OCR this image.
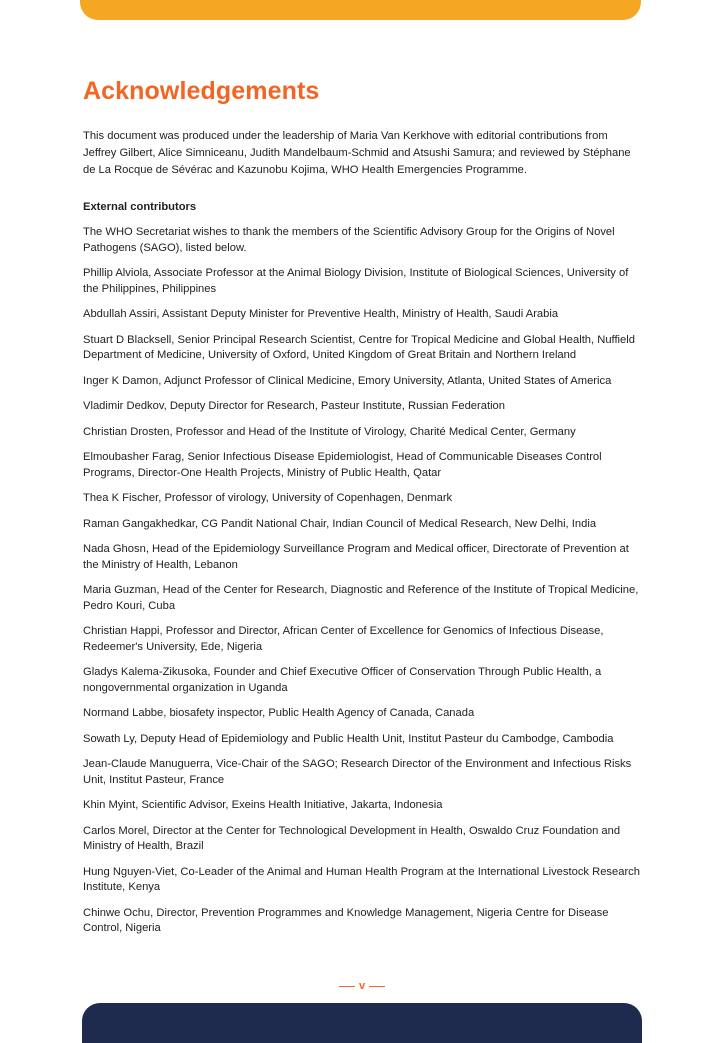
Acknowledgements

This document was produced under the leadership of Maria Van Kerkhove with editorial contributions from Jeffrey Gilbert, Alice Simniceanu, Judith Mandelbaum-Schmid and Atsushi Samura; and reviewed by Stéphane de La Rocque de Sévérac and Kazunobu Kojima, WHO Health Emergencies Programme.

External contributors

The WHO Secretariat wishes to thank the members of the Scientific Advisory Group for the Origins of Novel Pathogens (SAGO), listed below.

Phillip Alviola, Associate Professor at the Animal Biology Division, Institute of Biological Sciences, University of the Philippines, Philippines
Abdullah Assiri, Assistant Deputy Minister for Preventive Health, Ministry of Health, Saudi Arabia
Stuart D Blacksell, Senior Principal Research Scientist, Centre for Tropical Medicine and Global Health, Nuffield Department of Medicine, University of Oxford, United Kingdom of Great Britain and Northern Ireland
Inger K Damon, Adjunct Professor of Clinical Medicine, Emory University, Atlanta, United States of America
Vladimir Dedkov, Deputy Director for Research, Pasteur Institute, Russian Federation
Christian Drosten, Professor and Head of the Institute of Virology, Charité Medical Center, Germany
Elmoubasher Farag, Senior Infectious Disease Epidemiologist, Head of Communicable Diseases Control Programs, Director-One Health Projects, Ministry of Public Health, Qatar
Thea K Fischer, Professor of virology, University of Copenhagen, Denmark
Raman Gangakhedkar, CG Pandit National Chair, Indian Council of Medical Research, New Delhi, India
Nada Ghosn, Head of the Epidemiology Surveillance Program and Medical officer, Directorate of Prevention at the Ministry of Health, Lebanon
Maria Guzman, Head of the Center for Research, Diagnostic and Reference of the Institute of Tropical Medicine, Pedro Kouri, Cuba
Christian Happi, Professor and Director, African Center of Excellence for Genomics of Infectious Disease, Redeemer's University, Ede, Nigeria
Gladys Kalema-Zikusoka, Founder and Chief Executive Officer of Conservation Through Public Health, a nongovernmental organization in Uganda
Normand Labbe, biosafety inspector, Public Health Agency of Canada, Canada
Sowath Ly, Deputy Head of Epidemiology and Public Health Unit, Institut Pasteur du Cambodge, Cambodia
Jean-Claude Manuguerra, Vice-Chair of the SAGO; Research Director of the Environment and Infectious Risks Unit, Institut Pasteur, France
Khin Myint, Scientific Advisor, Exeins Health Initiative, Jakarta, Indonesia
Carlos Morel, Director at the Center for Technological Development in Health, Oswaldo Cruz Foundation and Ministry of Health, Brazil
Hung Nguyen-Viet, Co-Leader of the Animal and Human Health Program at the International Livestock Research Institute, Kenya
Chinwe Ochu, Director, Prevention Programmes and Knowledge Management, Nigeria Centre for Disease Control, Nigeria
v
